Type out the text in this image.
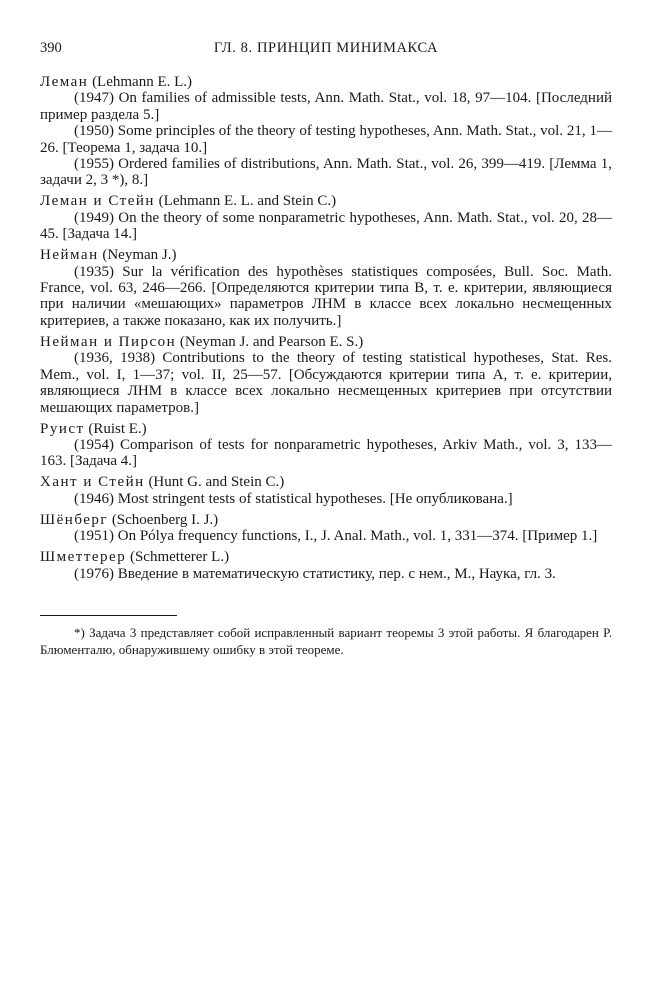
390	ГЛ. 8. ПРИНЦИП МИНИМАКСА
Леман (Lehmann E. L.)

(1947) On families of admissible tests, Ann. Math. Stat., vol. 18, 97—104. [Последний пример раздела 5.]

(1950) Some principles of the theory of testing hypotheses, Ann. Math. Stat., vol. 21, 1—26. [Теорема 1, задача 10.]

(1955) Ordered families of distributions, Ann. Math. Stat., vol. 26, 399—419. [Лемма 1, задачи 2, 3 *), 8.]

Леман и Стейн (Lehmann E. L. and Stein C.)

(1949) On the theory of some nonparametric hypotheses, Ann. Math. Stat., vol. 20, 28—45. [Задача 14.]

Нейман (Neyman J.)

(1935) Sur la vérification des hypothèses statistiques composées, Bull. Soc. Math. France, vol. 63, 246—266. [Определяются критерии типа B, т. е. критерии, являющиеся при наличии «мешающих» параметров ЛНМ в классе всех локально несмещенных критериев, а также показано, как их получить.]

Нейман и Пирсон (Neyman J. and Pearson E. S.)

(1936, 1938) Contributions to the theory of testing statistical hypotheses, Stat. Res. Mem., vol. I, 1—37; vol. II, 25—57. [Обсуждаются критерии типа A, т. е. критерии, являющиеся ЛНМ в классе всех локально несмещенных критериев при отсутствии мешающих параметров.]

Руист (Ruist E.)

(1954) Comparison of tests for nonparametric hypotheses, Arkiv Math., vol. 3, 133—163. [Задача 4.]

Хант и Стейн (Hunt G. and Stein C.)

(1946) Most stringent tests of statistical hypotheses. [Не опубликована.]

Шёнберг (Schoenberg I. J.)

(1951) On Pólya frequency functions, I., J. Anal. Math., vol. 1, 331—374. [Пример 1.]

Шметтерер (Schmetterer L.)

(1976) Введение в математическую статистику, пер. с нем., М., Наука, гл. 3.

*) Задача 3 представляет собой исправленный вариант теоремы 3 этой работы. Я благодарен Р. Блюменталю, обнаружившему ошибку в этой теореме.
